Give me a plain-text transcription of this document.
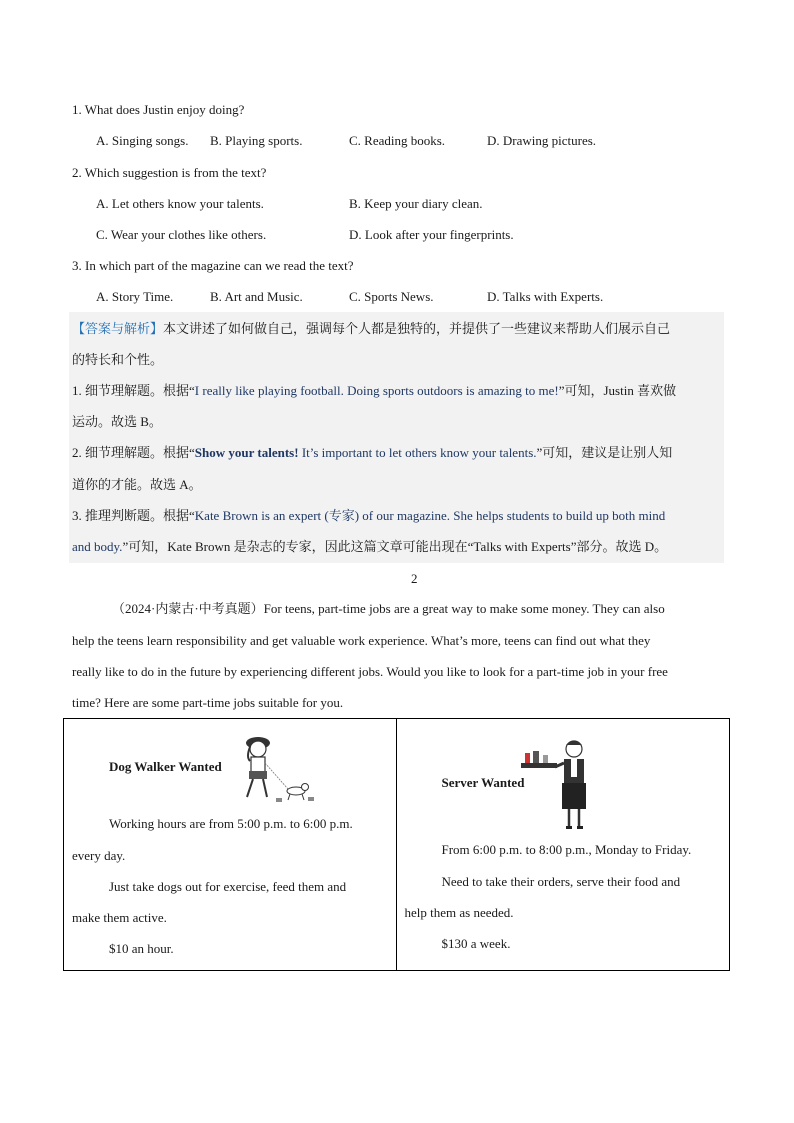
1. What does Justin enjoy doing?
A. Singing songs. B. Playing sports.	C. Reading books.	D. Drawing pictures.
2. Which suggestion is from the text?
A. Let others know your talents.	B. Keep your diary clean.
C. Wear your clothes like others.	D. Look after your fingerprints.
3. In which part of the magazine can we read the text?
A. Story Time.	B. Art and Music.	C. Sports News.	D. Talks with Experts.
【答案与解析】本文讲述了如何做自己，强调每个人都是独特的，并提供了一些建议来帮助人们展示自己
的特长和个性。
1. 细节理解题。根据“I really like playing football. Doing sports outdoors is amazing to me!”可知，Justin 喜欢做
运动。故选 B。
2. 细节理解题。根据“Show your talents! It’s important to let others know your talents.”可知，建议是让别人知
道你的才能。故选 A。
3. 推理判断题。根据“Kate Brown is an expert (专家) of our magazine. She helps students to build up both mind
and body.”可知，Kate Brown 是杂志的专家，因此这篇文章可能出现在“Talks with Experts”部分。故选 D。
2
（2024·内蒙古·中考真题）For teens, part-time jobs are a great way to make some money. They can also
help the teens learn responsibility and get valuable work experience. What’s more, teens can find out what they
really like to do in the future by experiencing different jobs. Would you like to look for a part-time job in your free
time? Here are some part-time jobs suitable for you.
Dog Walker Wanted
Working hours are from 5:00 p.m. to 6:00 p.m.
every day.
Just take dogs out for exercise, feed them and
make them active.
$10 an hour.

Server Wanted
From 6:00 p.m. to 8:00 p.m., Monday to Friday.
Need to take their orders, serve their food and
help them as needed.
$130 a week.
